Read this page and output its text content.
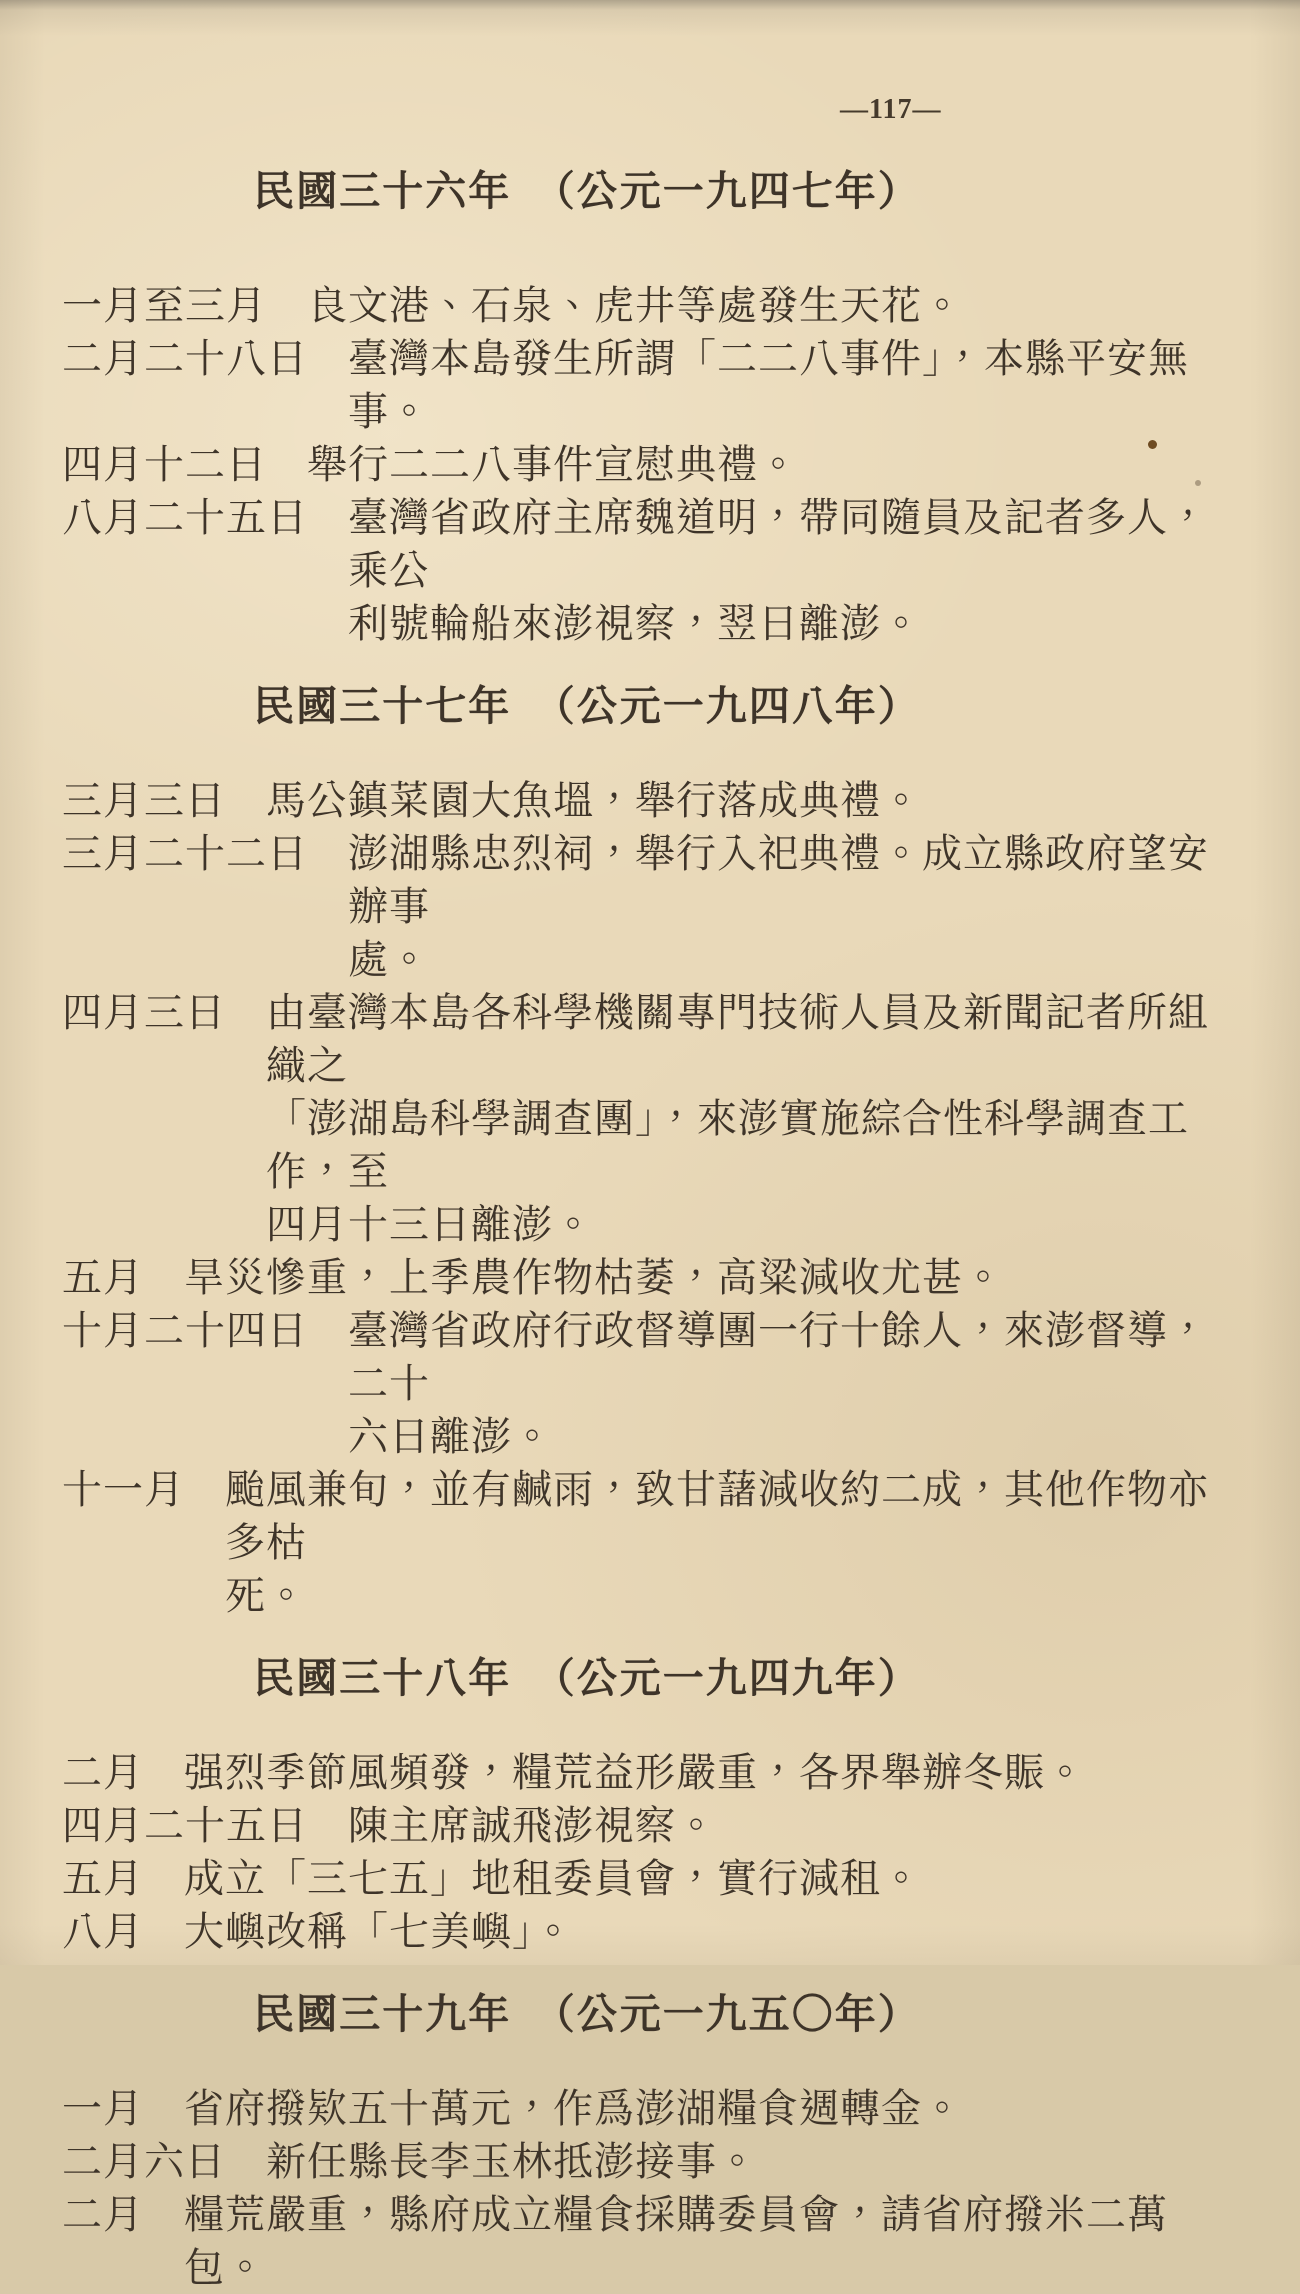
—117—
民國三十六年　（公元一九四七年）
一月至三月 良文港、石泉、虎井等處發生天花。
二月二十八日 臺灣本島發生所謂「二二八事件」，本縣平安無事。
四月十二日 舉行二二八事件宣慰典禮。
八月二十五日 臺灣省政府主席魏道明，帶同隨員及記者多人，乘公
利號輪船來澎視察，翌日離澎。
民國三十七年　（公元一九四八年）
三月三日 馬公鎮菜園大魚塭，舉行落成典禮。
三月二十二日 澎湖縣忠烈祠，舉行入祀典禮。成立縣政府望安辦事
處。
四月三日 由臺灣本島各科學機關專門技術人員及新聞記者所組織之
「澎湖島科學調查團」，來澎實施綜合性科學調查工作，至
四月十三日離澎。
五月 旱災慘重，上季農作物枯萎，高粱減收尤甚。
十月二十四日 臺灣省政府行政督導團一行十餘人，來澎督導，二十
六日離澎。
十一月 颱風兼旬，並有鹹雨，致甘藷減收約二成，其他作物亦多枯
死。
民國三十八年　（公元一九四九年）
二月 强烈季節風頻發，糧荒益形嚴重，各界舉辦冬賑。
四月二十五日 陳主席誠飛澎視察。
五月 成立「三七五」地租委員會，實行減租。
八月 大嶼改稱「七美嶼」。
民國三十九年　（公元一九五〇年）
一月 省府撥欵五十萬元，作爲澎湖糧食週轉金。
二月六日 新任縣長李玉林抵澎接事。
二月 糧荒嚴重，縣府成立糧食採購委員會，請省府撥米二萬包。
